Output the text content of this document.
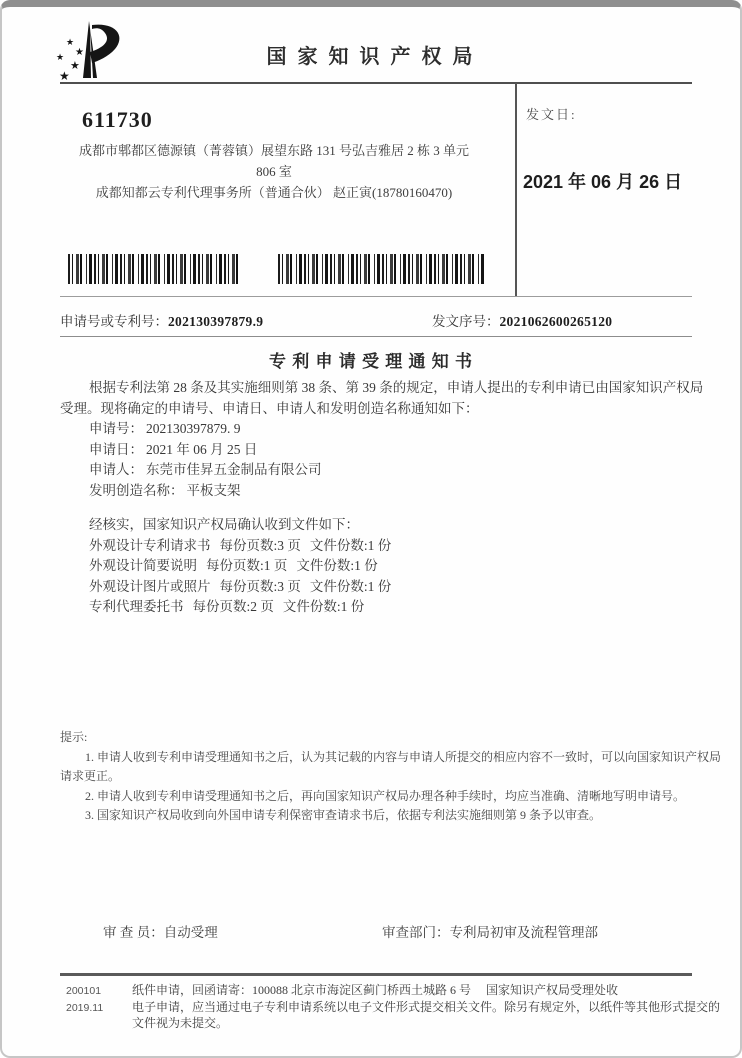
★
★
★
★
★
国 家 知 识 产 权 局
611730
成都市郫都区德源镇（菁蓉镇）展望东路 131 号弘吉雅居 2 栋 3 单元
806 室
成都知都云专利代理事务所（普通合伙） 赵正寅(18780160470)
发文日:
2021 年 06 月 26 日
申请号或专利号：202130397879.9	发文序号：2021062600265120
专 利 申 请 受 理 通 知 书
根据专利法第 28 条及其实施细则第 38 条、第 39 条的规定，申请人提出的专利申请已由国家知识产权局
受理。现将确定的申请号、申请日、申请人和发明创造名称通知如下：
申请号： 202130397879. 9
申请日： 2021 年 06 月 25 日
申请人： 东莞市佳昇五金制品有限公司
发明创造名称： 平板支架
经核实，国家知识产权局确认收到文件如下：
外观设计专利请求书 每份页数:3 页 文件份数:1 份
外观设计简要说明 每份页数:1 页 文件份数:1 份
外观设计图片或照片 每份页数:3 页 文件份数:1 份
专利代理委托书 每份页数:2 页 文件份数:1 份
提示:
1. 申请人收到专利申请受理通知书之后，认为其记载的内容与申请人所提交的相应内容不一致时，可以向国家知识产权局
请求更正。
2. 申请人收到专利申请受理通知书之后，再向国家知识产权局办理各种手续时，均应当准确、清晰地写明申请号。
3. 国家知识产权局收到向外国申请专利保密审查请求书后，依据专利法实施细则第 9 条予以审查。
审 查 员：自动受理	审查部门：专利局初审及流程管理部
200101
2019.11
纸件申请，回函请寄：100088 北京市海淀区蓟门桥西土城路 6 号　 国家知识产权局受理处收
电子申请，应当通过电子专利申请系统以电子文件形式提交相关文件。除另有规定外，以纸件等其他形式提交的
文件视为未提交。
